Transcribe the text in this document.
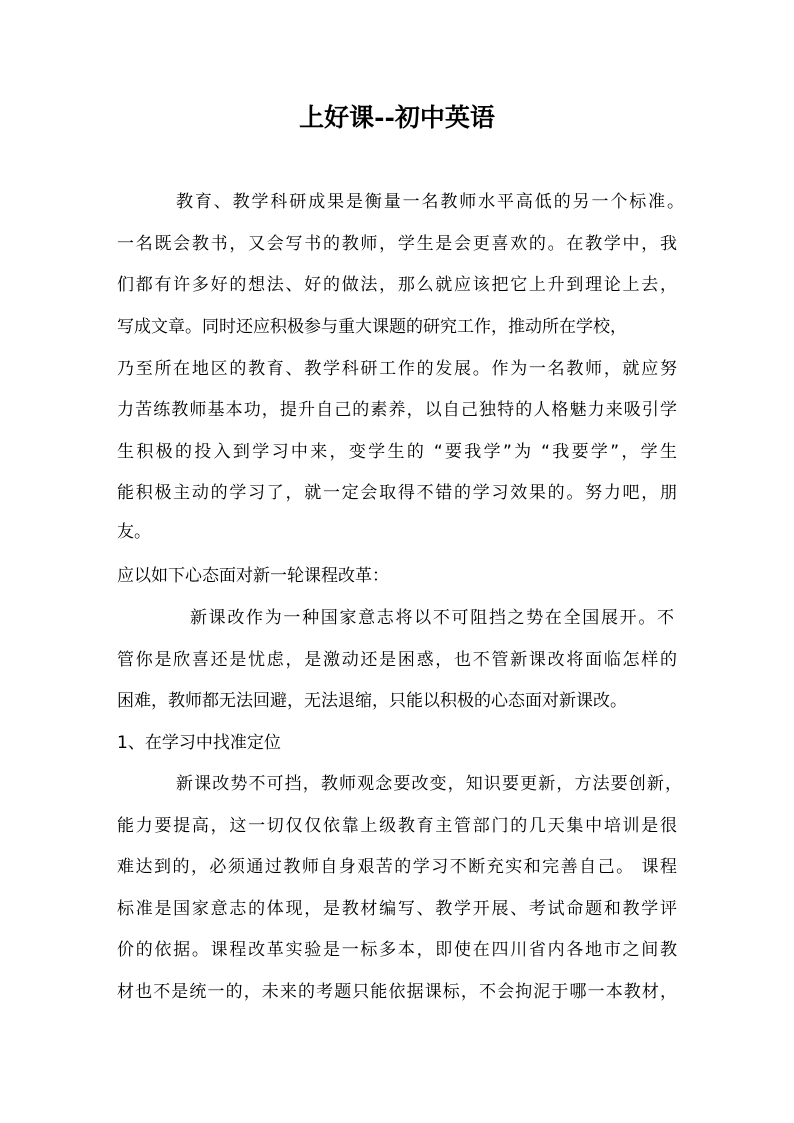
上好课--初中英语

教育、教学科研成果是衡量一名教师水平高低的另一个标准。

一名既会教书，又会写书的教师，学生是会更喜欢的。在教学中，我

们都有许多好的想法、好的做法，那么就应该把它上升到理论上去，

写成文章。同时还应积极参与重大课题的研究工作，推动所在学校，

乃至所在地区的教育、教学科研工作的发展。作为一名教师，就应努

力苦练教师基本功，提升自己的素养，以自己独特的人格魅力来吸引学

生积极的投入到学习中来，变学生的 “要我学”为 “我要学”，学生

能积极主动的学习了，就一定会取得不错的学习效果的。努力吧，朋

友。

应以如下心态面对新一轮课程改革：

新课改作为一种国家意志将以不可阻挡之势在全国展开。不

管你是欣喜还是忧虑，是激动还是困惑，也不管新课改将面临怎样的

困难，教师都无法回避，无法退缩，只能以积极的心态面对新课改。

1、在学习中找准定位

新课改势不可挡，教师观念要改变，知识要更新，方法要创新，

能力要提高，这一切仅仅依靠上级教育主管部门的几天集中培训是很

难达到的，必须通过教师自身艰苦的学习不断充实和完善自己。 课程

标准是国家意志的体现，是教材编写、教学开展、考试命题和教学评

价的依据。课程改革实验是一标多本，即使在四川省内各地市之间教

材也不是统一的，未来的考题只能依据课标，不会拘泥于哪一本教材，
